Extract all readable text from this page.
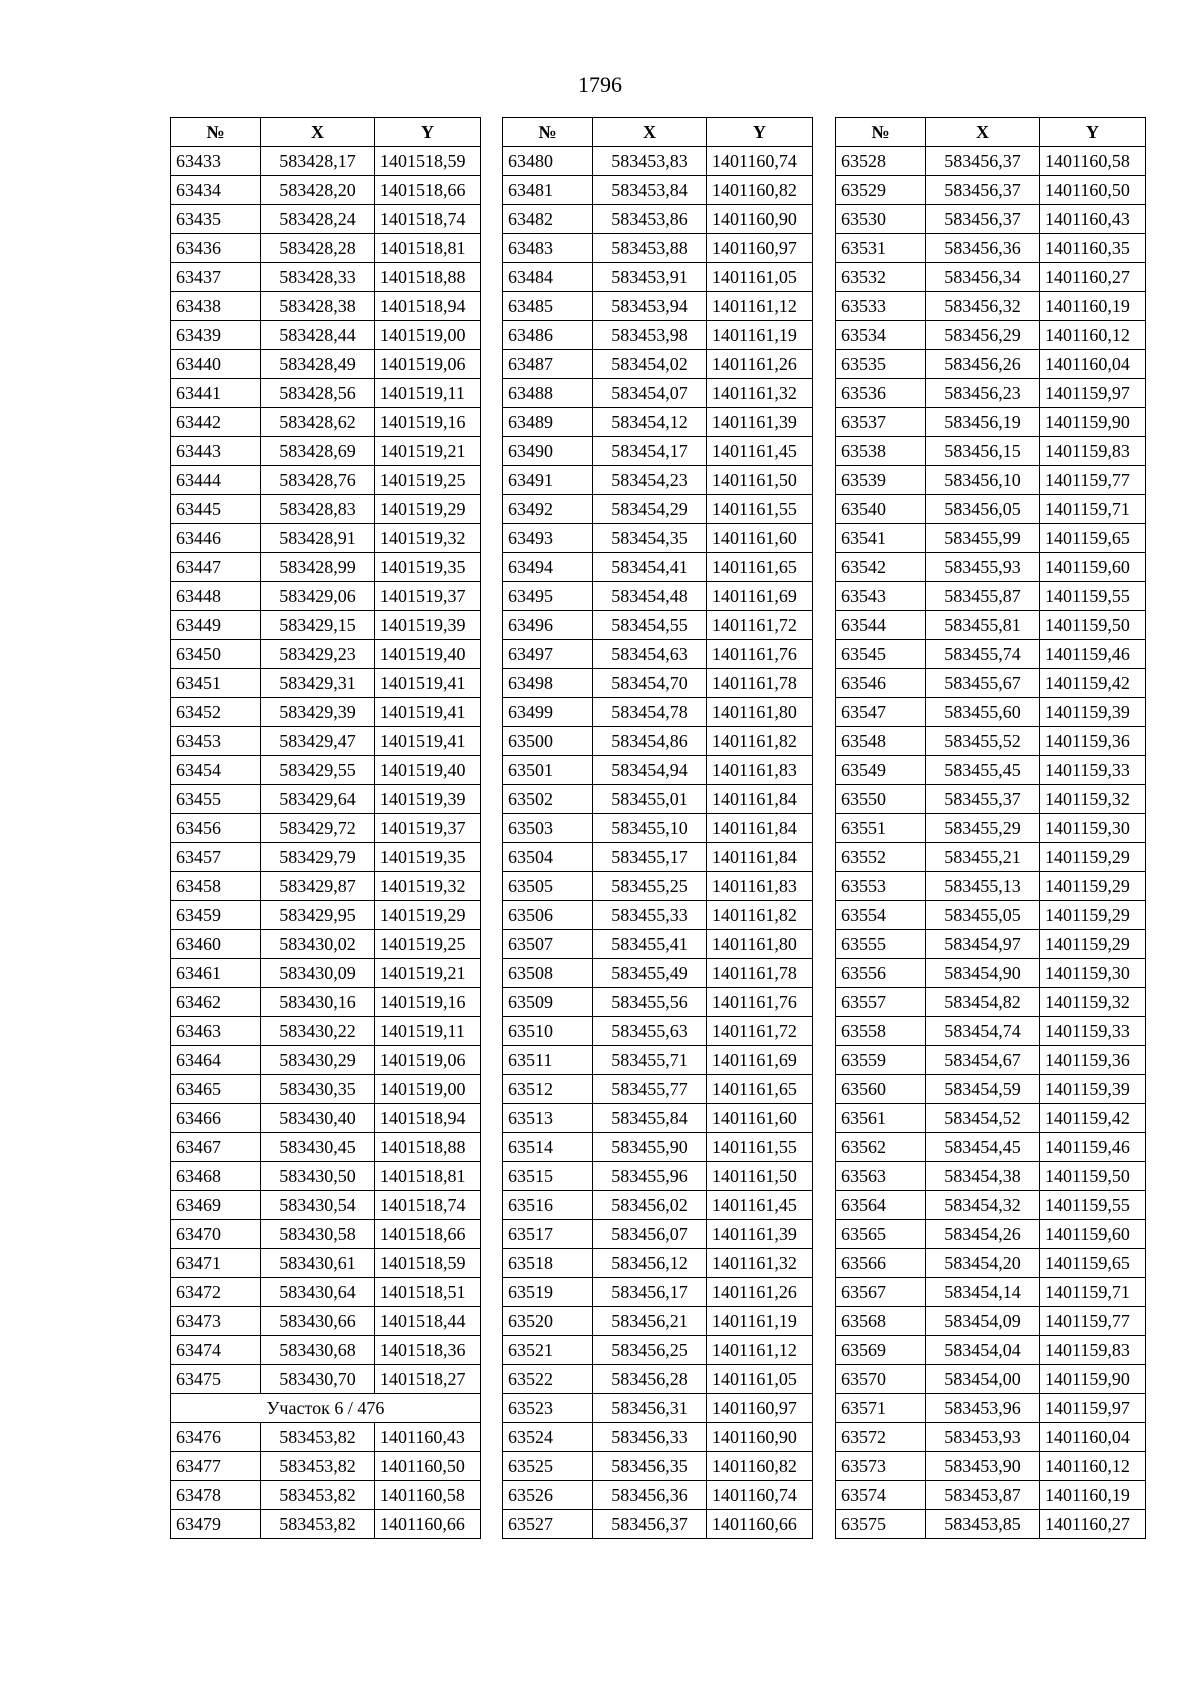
1796
№	X	Y
63433	583428,17	1401518,59
63434	583428,20	1401518,66
63435	583428,24	1401518,74
63436	583428,28	1401518,81
63437	583428,33	1401518,88
63438	583428,38	1401518,94
63439	583428,44	1401519,00
63440	583428,49	1401519,06
63441	583428,56	1401519,11
63442	583428,62	1401519,16
63443	583428,69	1401519,21
63444	583428,76	1401519,25
63445	583428,83	1401519,29
63446	583428,91	1401519,32
63447	583428,99	1401519,35
63448	583429,06	1401519,37
63449	583429,15	1401519,39
63450	583429,23	1401519,40
63451	583429,31	1401519,41
63452	583429,39	1401519,41
63453	583429,47	1401519,41
63454	583429,55	1401519,40
63455	583429,64	1401519,39
63456	583429,72	1401519,37
63457	583429,79	1401519,35
63458	583429,87	1401519,32
63459	583429,95	1401519,29
63460	583430,02	1401519,25
63461	583430,09	1401519,21
63462	583430,16	1401519,16
63463	583430,22	1401519,11
63464	583430,29	1401519,06
63465	583430,35	1401519,00
63466	583430,40	1401518,94
63467	583430,45	1401518,88
63468	583430,50	1401518,81
63469	583430,54	1401518,74
63470	583430,58	1401518,66
63471	583430,61	1401518,59
63472	583430,64	1401518,51
63473	583430,66	1401518,44
63474	583430,68	1401518,36
63475	583430,70	1401518,27
Участок 6 / 476		
63476	583453,82	1401160,43
63477	583453,82	1401160,50
63478	583453,82	1401160,58
63479	583453,82	1401160,66
№	X	Y
63480	583453,83	1401160,74
63481	583453,84	1401160,82
63482	583453,86	1401160,90
63483	583453,88	1401160,97
63484	583453,91	1401161,05
63485	583453,94	1401161,12
63486	583453,98	1401161,19
63487	583454,02	1401161,26
63488	583454,07	1401161,32
63489	583454,12	1401161,39
63490	583454,17	1401161,45
63491	583454,23	1401161,50
63492	583454,29	1401161,55
63493	583454,35	1401161,60
63494	583454,41	1401161,65
63495	583454,48	1401161,69
63496	583454,55	1401161,72
63497	583454,63	1401161,76
63498	583454,70	1401161,78
63499	583454,78	1401161,80
63500	583454,86	1401161,82
63501	583454,94	1401161,83
63502	583455,01	1401161,84
63503	583455,10	1401161,84
63504	583455,17	1401161,84
63505	583455,25	1401161,83
63506	583455,33	1401161,82
63507	583455,41	1401161,80
63508	583455,49	1401161,78
63509	583455,56	1401161,76
63510	583455,63	1401161,72
63511	583455,71	1401161,69
63512	583455,77	1401161,65
63513	583455,84	1401161,60
63514	583455,90	1401161,55
63515	583455,96	1401161,50
63516	583456,02	1401161,45
63517	583456,07	1401161,39
63518	583456,12	1401161,32
63519	583456,17	1401161,26
63520	583456,21	1401161,19
63521	583456,25	1401161,12
63522	583456,28	1401161,05
63523	583456,31	1401160,97
63524	583456,33	1401160,90
63525	583456,35	1401160,82
63526	583456,36	1401160,74
63527	583456,37	1401160,66
№	X	Y
63528	583456,37	1401160,58
63529	583456,37	1401160,50
63530	583456,37	1401160,43
63531	583456,36	1401160,35
63532	583456,34	1401160,27
63533	583456,32	1401160,19
63534	583456,29	1401160,12
63535	583456,26	1401160,04
63536	583456,23	1401159,97
63537	583456,19	1401159,90
63538	583456,15	1401159,83
63539	583456,10	1401159,77
63540	583456,05	1401159,71
63541	583455,99	1401159,65
63542	583455,93	1401159,60
63543	583455,87	1401159,55
63544	583455,81	1401159,50
63545	583455,74	1401159,46
63546	583455,67	1401159,42
63547	583455,60	1401159,39
63548	583455,52	1401159,36
63549	583455,45	1401159,33
63550	583455,37	1401159,32
63551	583455,29	1401159,30
63552	583455,21	1401159,29
63553	583455,13	1401159,29
63554	583455,05	1401159,29
63555	583454,97	1401159,29
63556	583454,90	1401159,30
63557	583454,82	1401159,32
63558	583454,74	1401159,33
63559	583454,67	1401159,36
63560	583454,59	1401159,39
63561	583454,52	1401159,42
63562	583454,45	1401159,46
63563	583454,38	1401159,50
63564	583454,32	1401159,55
63565	583454,26	1401159,60
63566	583454,20	1401159,65
63567	583454,14	1401159,71
63568	583454,09	1401159,77
63569	583454,04	1401159,83
63570	583454,00	1401159,90
63571	583453,96	1401159,97
63572	583453,93	1401160,04
63573	583453,90	1401160,12
63574	583453,87	1401160,19
63575	583453,85	1401160,27
